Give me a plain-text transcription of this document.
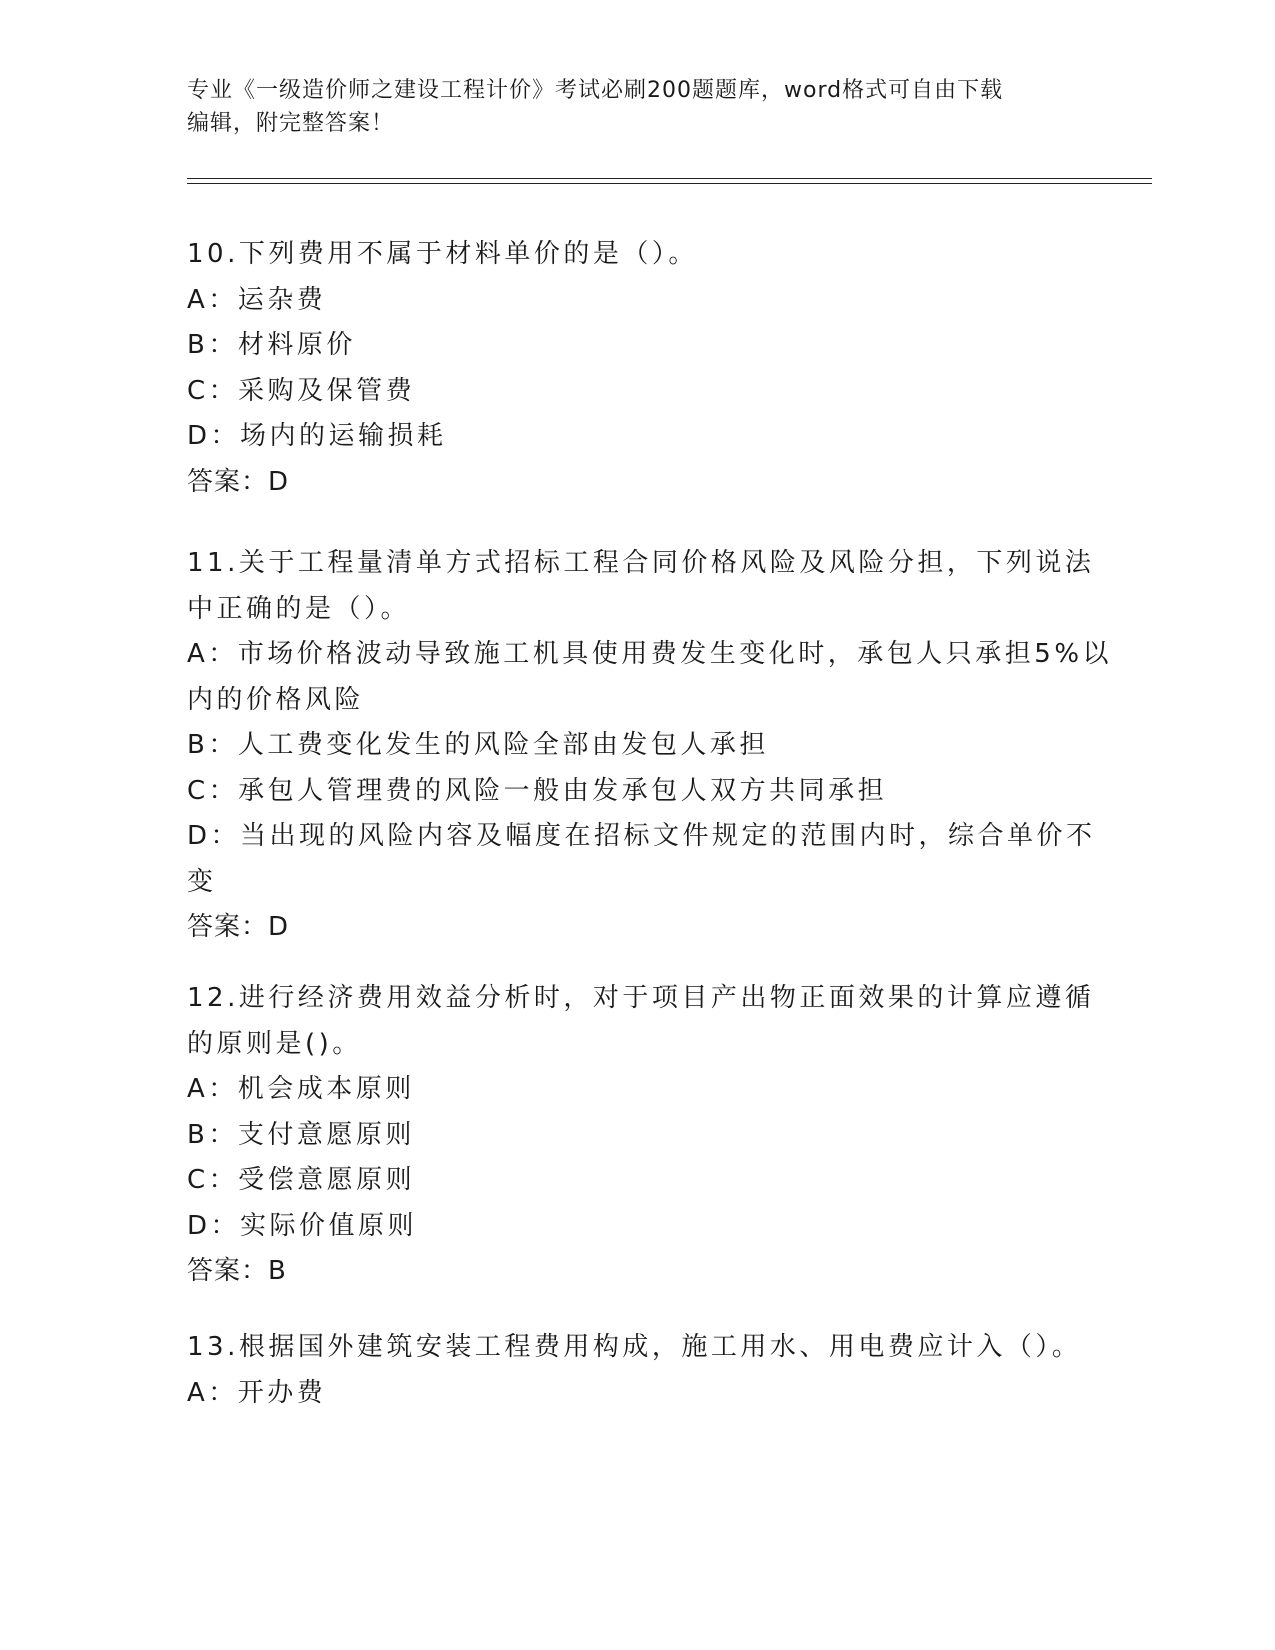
专业《一级造价师之建设工程计价》考试必刷200题题库，word格式可自由下载
编辑，附完整答案！
10.下列费用不属于材料单价的是（）。
A：运杂费
B：材料原价
C：采购及保管费
D：场内的运输损耗
答案：D
11.关于工程量清单方式招标工程合同价格风险及风险分担，下列说法
中正确的是（）。
A：市场价格波动导致施工机具使用费发生变化时，承包人只承担5%以
内的价格风险
B：人工费变化发生的风险全部由发包人承担
C：承包人管理费的风险一般由发承包人双方共同承担
D：当出现的风险内容及幅度在招标文件规定的范围内时，综合单价不
变
答案：D
12.进行经济费用效益分析时，对于项目产出物正面效果的计算应遵循
的原则是()。
A：机会成本原则
B：支付意愿原则
C：受偿意愿原则
D：实际价值原则
答案：B
13.根据国外建筑安装工程费用构成，施工用水、用电费应计入（）。
A：开办费
